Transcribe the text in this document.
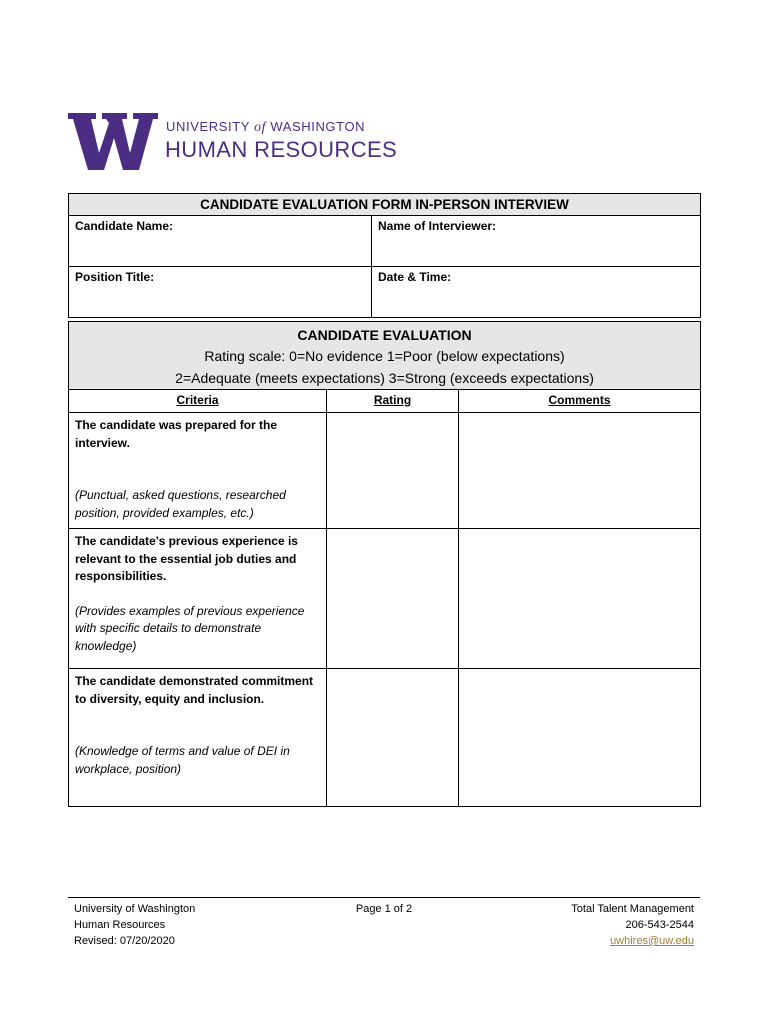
UNIVERSITY of WASHINGTON
HUMAN RESOURCES
CANDIDATE EVALUATION FORM IN-PERSON INTERVIEW	
Candidate Name:	Name of Interviewer:
Position Title:	Date & Time:
CANDIDATE EVALUATION
Rating scale: 0=No evidence 1=Poor (below expectations)
2=Adequate (meets expectations) 3=Strong (exceeds expectations)		

Criteria	Rating	Comments

The candidate was prepared for the interview.
(Punctual, asked questions, researched position, provided examples, etc.)		

The candidate’s previous experience is relevant to the essential job duties and responsibilities.
(Provides examples of previous experience with specific details to demonstrate knowledge)		

The candidate demonstrated commitment to diversity, equity and inclusion.
(Knowledge of terms and value of DEI in workplace, position)		

University of Washington
Human Resources
Revised: 07/20/2020
Page 1 of 2	Total Talent Management
206-543-2544
uwhires@uw.edu
